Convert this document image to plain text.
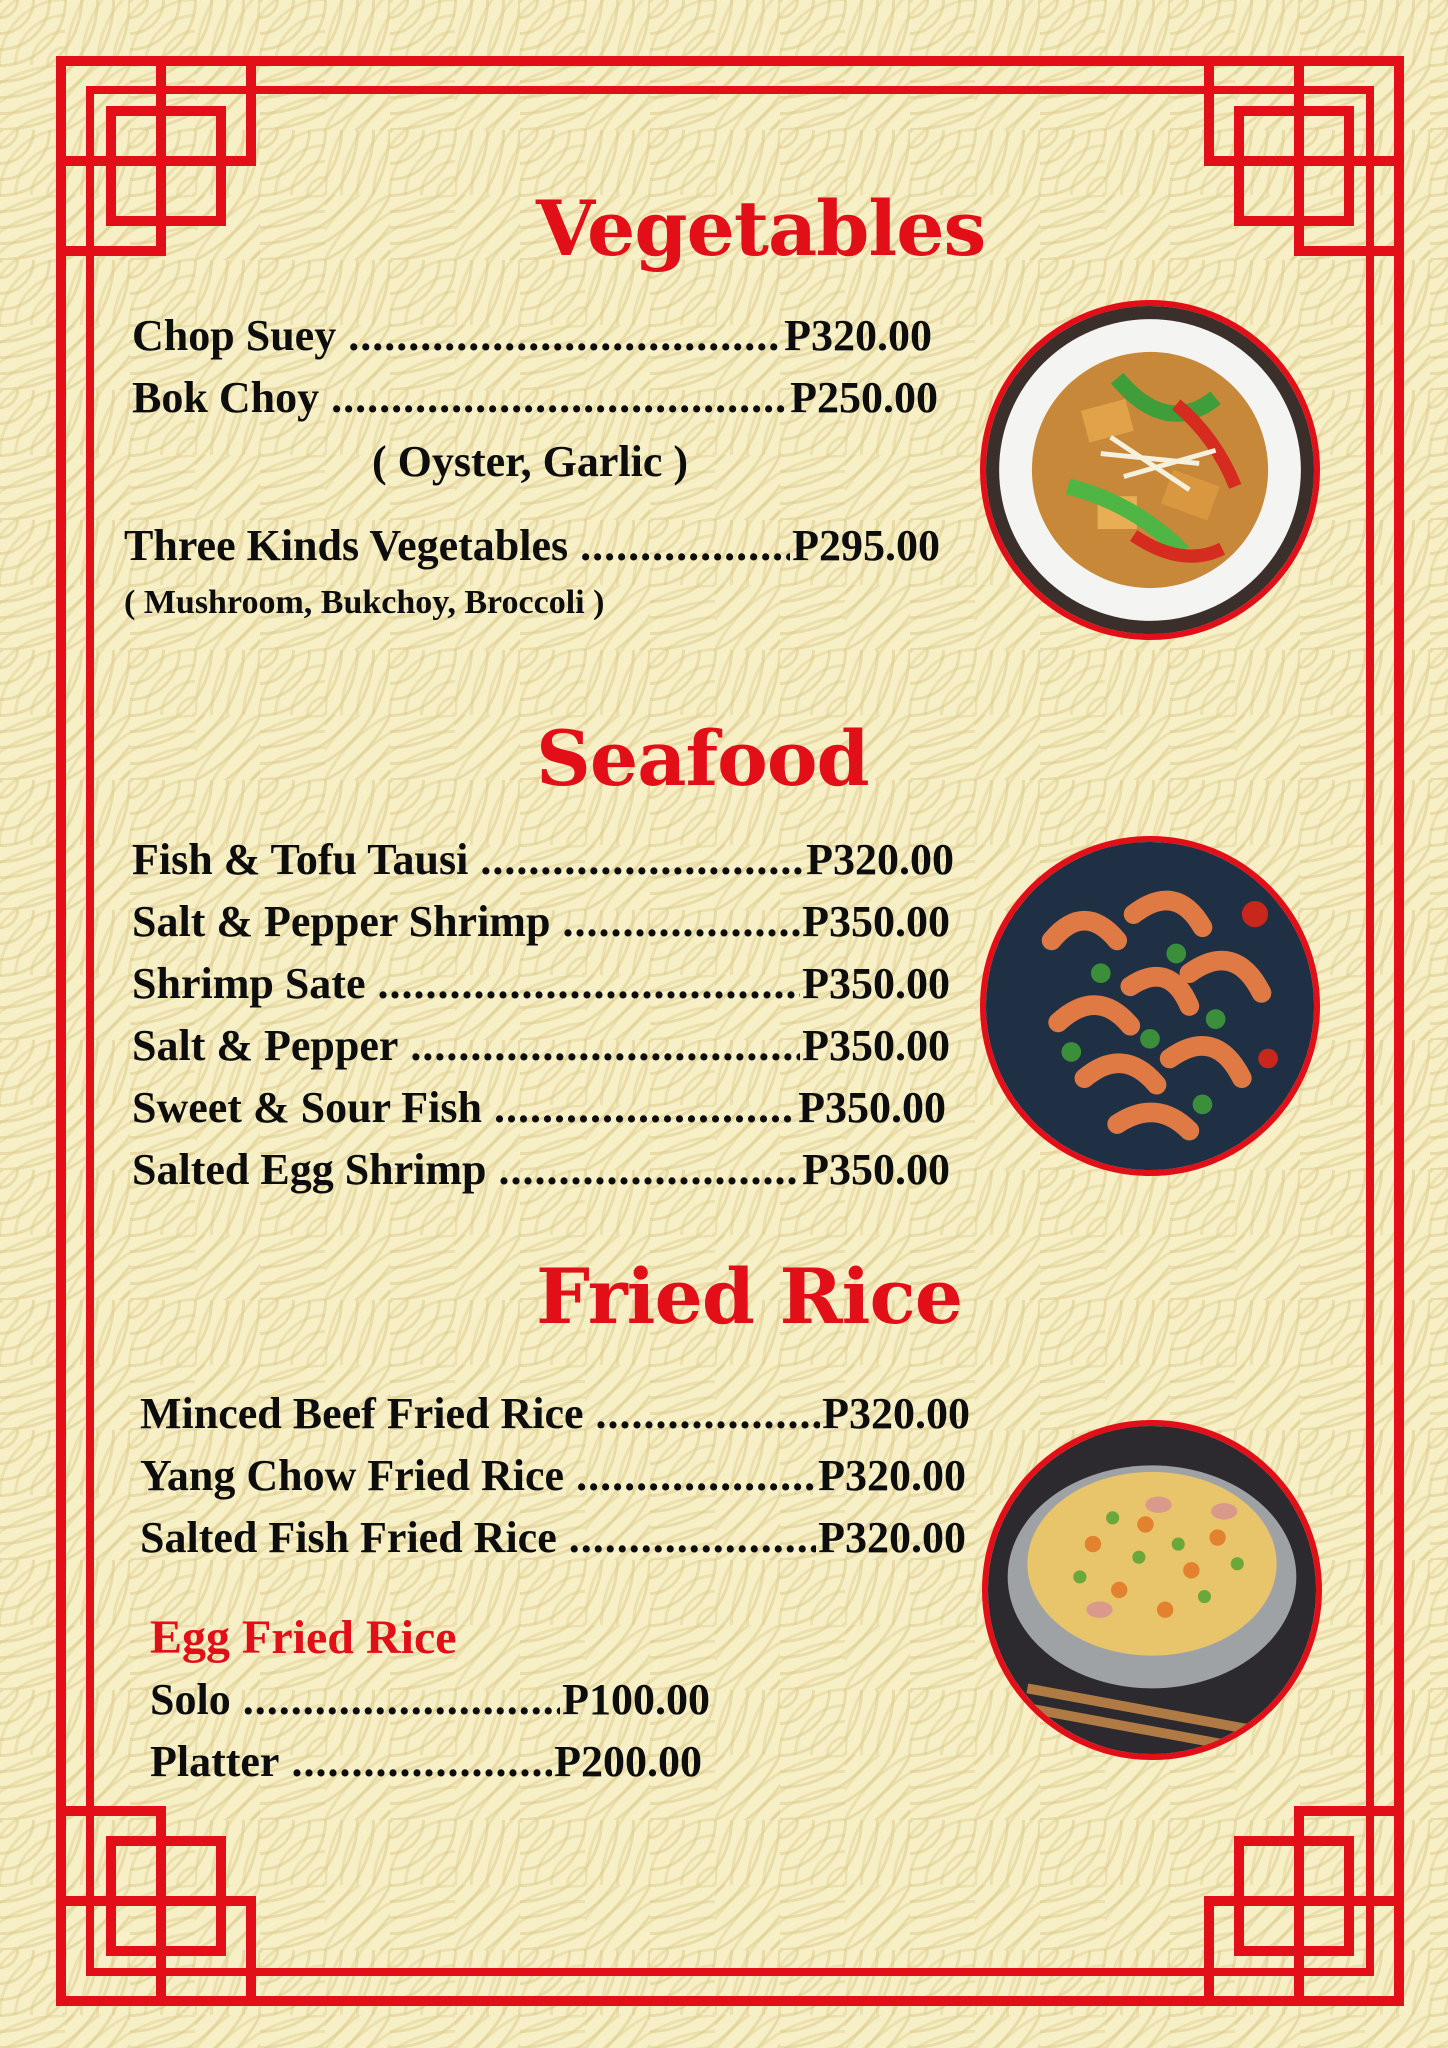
Vegetables
Chop Suey .....	P320.00
Bok Choy .....	P250.00
( Oyster, Garlic )
Three Kinds Vegetables .....	P295.00
( Mushroom, Bukchoy, Broccoli )
Seafood
Fish & Tofu Tausi .....	P320.00
Salt & Pepper Shrimp .....	P350.00
Shrimp Sate .....	P350.00
Salt & Pepper .....	P350.00
Sweet & Sour Fish .....	P350.00
Salted Egg Shrimp .....	P350.00
Fried Rice
Minced Beef Fried Rice .....	P320.00
Yang Chow Fried Rice .....	P320.00
Salted Fish Fried Rice .....	P320.00
Egg Fried Rice
Solo .....	P100.00
Platter .....	P200.00
